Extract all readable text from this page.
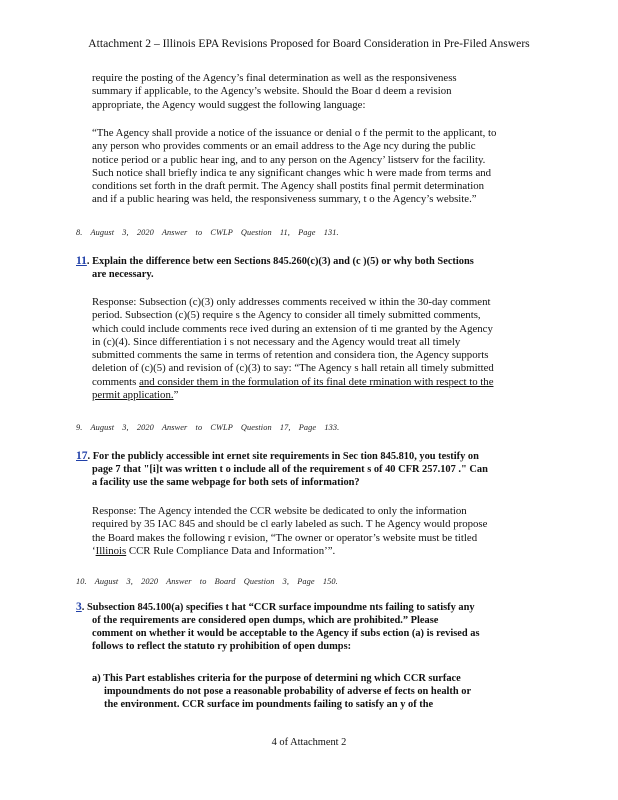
Attachment 2 – Illinois EPA Revisions Proposed for Board Consideration in Pre-Filed Answers

require the posting of the Agency’s final determination as well as the responsiveness

summary if applicable, to the Agency’s website. Should the Boar d deem a revision

appropriate, the Agency would suggest the following language:

“The Agency shall provide a notice of the issuance or denial o f the permit to the applicant, to

any person who provides comments or an email address to the Age ncy during the public

notice period or a public hear ing, and to any person on the Agency’ listserv for the facility.

Such notice shall briefly indica te any significant changes whic h were made from terms and

conditions set forth in the draft permit. The Agency shall postits final permit determination

and if a public hearing was held, the responsiveness summary, t o the Agency’s website.”

8. August 3, 2020 Answer to CWLP Question 11, Page 131.
11. Explain the difference betw een Sections 845.260(c)(3) and (c )(5) or why both Sections
are necessary.

Response: Subsection (c)(3) only addresses comments received w ithin the 30-day comment

period. Subsection (c)(5) require s the Agency to consider all timely submitted comments,

which could include comments rece ived during an extension of ti me granted by the Agency

in (c)(4). Since differentiation i s not necessary and the Agency would treat all timely

submitted comments the same in terms of retention and considera tion, the Agency supports

deletion of (c)(5) and revision of (c)(3) to say: “The Agency s hall retain all timely submitted

comments and consider them in the formulation of its final dete rmination with respect to the

permit application.”

9. August 3, 2020 Answer to CWLP Question 17, Page 133.
17. For the publicly accessible int ernet site requirements in Sec tion 845.810, you testify on
page 7 that "[i]t was written t o include all of the requirement s of 40 CFR 257.107 ." Can
a facility use the same webpage for both sets of information?

Response: The Agency intended the CCR website be dedicated to only the information

required by 35 IAC 845 and should be cl early labeled as such. T he Agency would propose

the Board makes the following r evision, “The owner or operator’s website must be titled

‘Illinois CCR Rule Compliance Data and Information’”.

10. August 3, 2020 Answer to Board Question 3, Page 150.
3. Subsection 845.100(a) specifies t hat “CCR surface impoundme nts failing to satisfy any
of the requirements are considered open dumps, which are prohibited.” Please
comment on whether it would be acceptable to the Agency if subs ection (a) is revised as
follows to reflect the statuto ry prohibition of open dumps:
a) This Part establishes criteria for the purpose of determini ng which CCR surface
impoundments do not pose a reasonable probability of adverse ef fects on health or
the environment. CCR surface im poundments failing to satisfy an y of the
4 of Attachment 2
